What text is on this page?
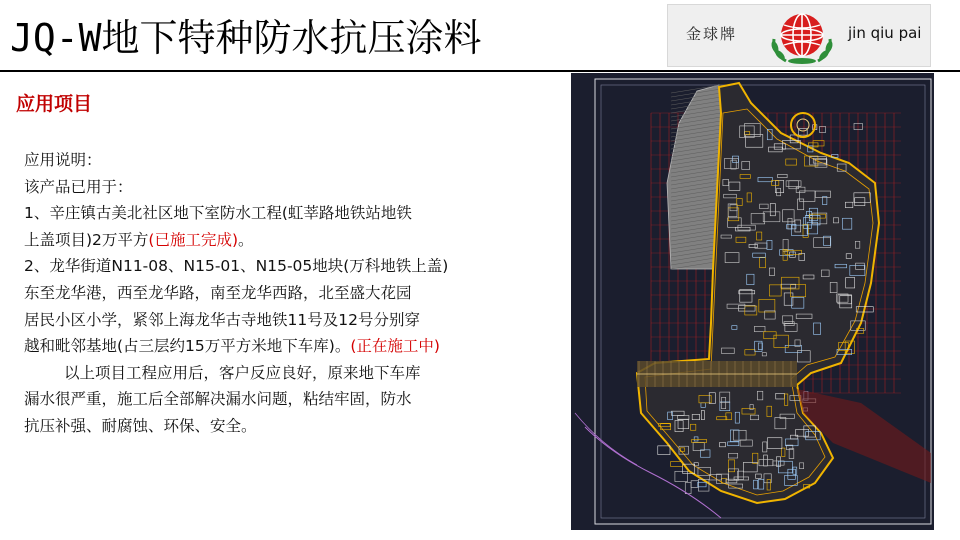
JQ-W地下特种防水抗压涂料	金球牌	jin qiu pai
应用项目
应用说明：
该产品已用于：
1、辛庄镇古美北社区地下室防水工程(虹莘路地铁站地铁
上盖项目)2万平方(已施工完成)。
2、龙华街道N11-08、N15-01、N15-05地块(万科地铁上盖)
东至龙华港，西至龙华路，南至龙华西路，北至盛大花园
居民小区小学，紧邻上海龙华古寺地铁11号及12号分别穿
越和毗邻基地(占三层约15万平方米地下车库)。(正在施工中)
以上项目工程应用后，客户反应良好，原来地下车库
漏水很严重，施工后全部解决漏水问题，粘结牢固，防水
抗压补强、耐腐蚀、环保、安全。
